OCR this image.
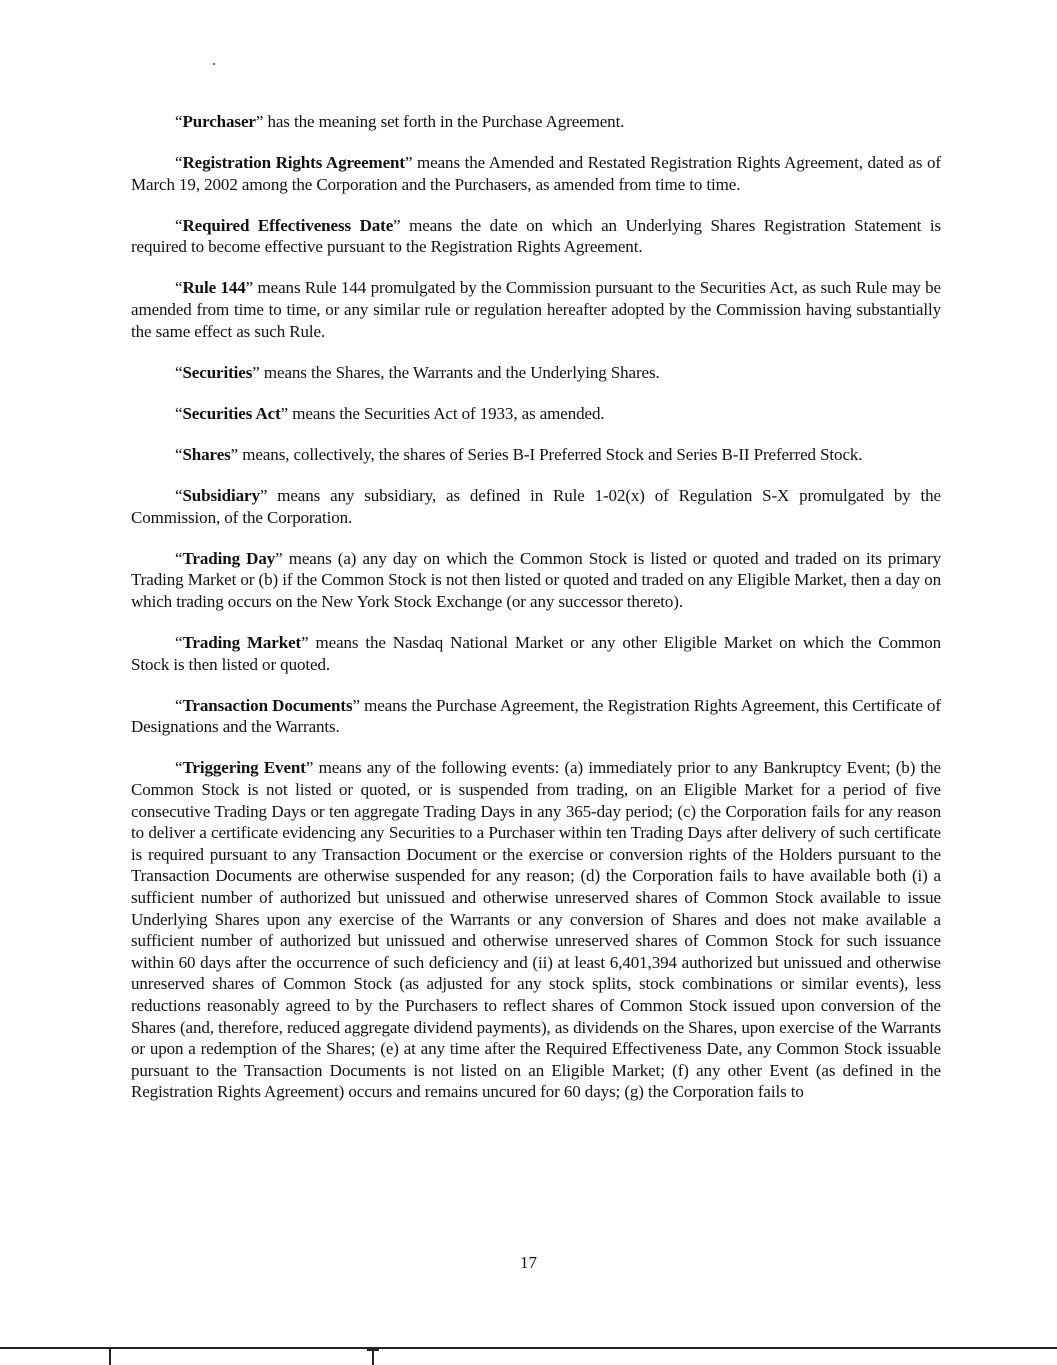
“Purchaser” has the meaning set forth in the Purchase Agreement.

“Registration Rights Agreement” means the Amended and Restated Registration Rights Agreement, dated as of March 19, 2002 among the Corporation and the Purchasers, as amended from time to time.

“Required Effectiveness Date” means the date on which an Underlying Shares Registration Statement is required to become effective pursuant to the Registration Rights Agreement.

“Rule 144” means Rule 144 promulgated by the Commission pursuant to the Securities Act, as such Rule may be amended from time to time, or any similar rule or regulation hereafter adopted by the Commission having substantially the same effect as such Rule.

“Securities” means the Shares, the Warrants and the Underlying Shares.

“Securities Act” means the Securities Act of 1933, as amended.

“Shares” means, collectively, the shares of Series B-I Preferred Stock and Series B-II Preferred Stock.

“Subsidiary” means any subsidiary, as defined in Rule 1-02(x) of Regulation S-X promulgated by the Commission, of the Corporation.

“Trading Day” means (a) any day on which the Common Stock is listed or quoted and traded on its primary Trading Market or (b) if the Common Stock is not then listed or quoted and traded on any Eligible Market, then a day on which trading occurs on the New York Stock Exchange (or any successor thereto).

“Trading Market” means the Nasdaq National Market or any other Eligible Market on which the Common Stock is then listed or quoted.

“Transaction Documents” means the Purchase Agreement, the Registration Rights Agreement, this Certificate of Designations and the Warrants.

“Triggering Event” means any of the following events: (a) immediately prior to any Bankruptcy Event; (b) the Common Stock is not listed or quoted, or is suspended from trading, on an Eligible Market for a period of five consecutive Trading Days or ten aggregate Trading Days in any 365-day period; (c) the Corporation fails for any reason to deliver a certificate evidencing any Securities to a Purchaser within ten Trading Days after delivery of such certificate is required pursuant to any Transaction Document or the exercise or conversion rights of the Holders pursuant to the Transaction Documents are otherwise suspended for any reason; (d) the Corporation fails to have available both (i) a sufficient number of authorized but unissued and otherwise unreserved shares of Common Stock available to issue Underlying Shares upon any exercise of the Warrants or any conversion of Shares and does not make available a sufficient number of authorized but unissued and otherwise unreserved shares of Common Stock for such issuance within 60 days after the occurrence of such deficiency and (ii) at least 6,401,394 authorized but unissued and otherwise unreserved shares of Common Stock (as adjusted for any stock splits, stock combinations or similar events), less reductions reasonably agreed to by the Purchasers to reflect shares of Common Stock issued upon conversion of the Shares (and, therefore, reduced aggregate dividend payments), as dividends on the Shares, upon exercise of the Warrants or upon a redemption of the Shares; (e) at any time after the Required Effectiveness Date, any Common Stock issuable pursuant to the Transaction Documents is not listed on an Eligible Market; (f) any other Event (as defined in the Registration Rights Agreement) occurs and remains uncured for 60 days; (g) the Corporation fails to

17
